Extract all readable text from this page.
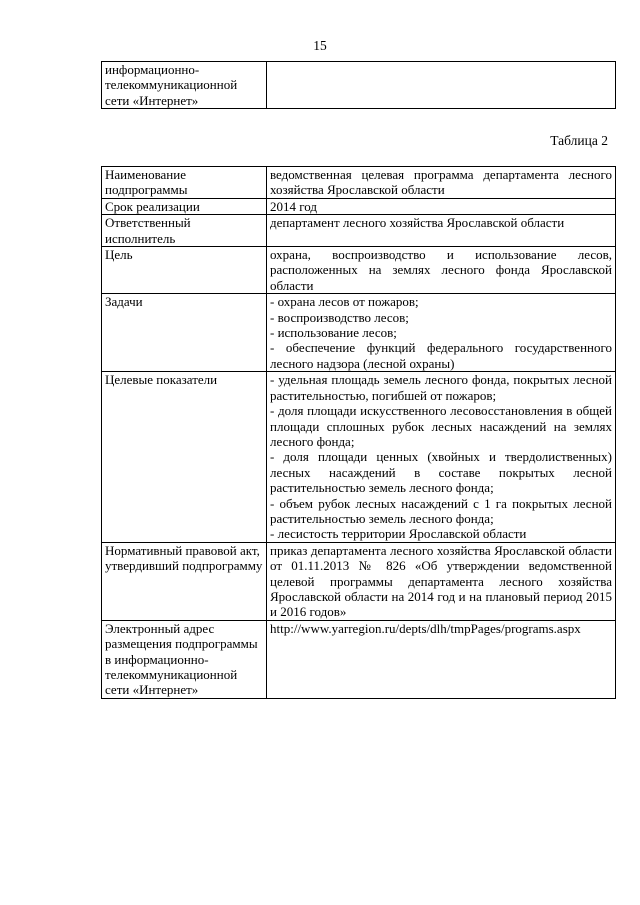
15
информационно-телекоммуникационной сети «Интернет»	
Таблица 2
Наименование подпрограммы	ведомственная целевая программа департамента лесного хозяйства Ярославской области

Срок реализации	2014 год

Ответственный исполнитель	департамент лесного хозяйства Ярославской области

Цель	охрана, воспроизводство и использование лесов, расположенных на землях лесного фонда Ярославской области

Задачи	- охрана лесов от пожаров;
- воспроизводство лесов;
- использование лесов;
- обеспечение функций федерального государственного лесного надзора (лесной охраны)

Целевые показатели	- удельная площадь земель лесного фонда, покрытых лесной растительностью, погибшей от пожаров;
- доля площади искусственного лесовосстановления в общей площади сплошных рубок лесных насаждений на землях лесного фонда;
- доля площади ценных (хвойных и твердолиственных) лесных насаждений в составе покрытых лесной растительностью земель лесного фонда;
- объем рубок лесных насаждений с 1 га покрытых лесной растительностью земель лесного фонда;
- лесистость территории Ярославской области

Нормативный правовой акт, утвердивший подпрограмму	приказ департамента лесного хозяйства Ярославской области от 01.11.2013 № 826 «Об утверждении ведомственной целевой программы департамента лесного хозяйства Ярославской области на 2014 год и на плановый период 2015 и 2016 годов»

Электронный адрес размещения подпрограммы в информационно-телекоммуникационной сети «Интернет»	http://www.yarregion.ru/depts/dlh/tmpPages/programs.aspx
